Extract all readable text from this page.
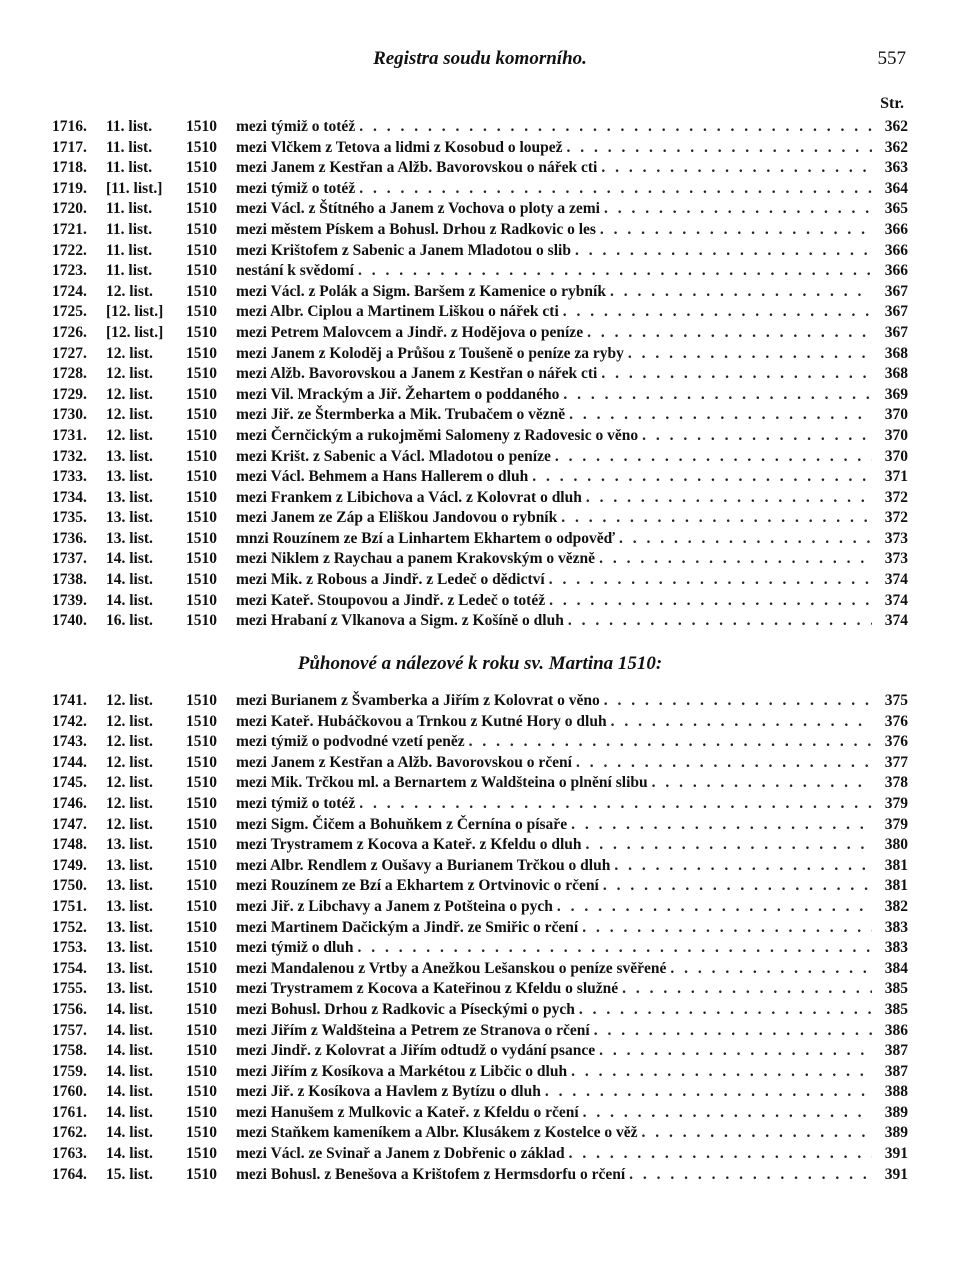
Registra soudu komorního.	557
Str.
1716.	11. list.	1510	mezi týmiž o totéž . . .	362
1717.	11. list.	1510	mezi Vlčkem z Tetova a lidmi z Kosobud o loupež . . .	362
1718.	11. list.	1510	mezi Janem z Kestřan a Alžb. Bavorovskou o nářek cti . . .	363
1719.	[11. list.]	1510	mezi týmiž o totéž . . .	364
1720.	11. list.	1510	mezi Václ. z Štítného a Janem z Vochova o ploty a zemi . . .	365
1721.	11. list.	1510	mezi městem Pískem a Bohusl. Drhou z Radkovic o les . . .	366
1722.	11. list.	1510	mezi Krištofem z Sabenic a Janem Mladotou o slib . . .	366
1723.	11. list.	1510	nestání k svědomí . . .	366
1724.	12. list.	1510	mezi Václ. z Polák a Sigm. Baršem z Kamenice o rybník . . .	367
1725.	[12. list.]	1510	mezi Albr. Ciplou a Martinem Liškou o nářek cti . . .	367
1726.	[12. list.]	1510	mezi Petrem Malovcem a Jindř. z Hodějova o peníze . . .	367
1727.	12. list.	1510	mezi Janem z Koloděj a Průšou z Toušeně o peníze za ryby . . .	368
1728.	12. list.	1510	mezi Alžb. Bavorovskou a Janem z Kestřan o nářek cti . . .	368
1729.	12. list.	1510	mezi Vil. Mrackým a Jiř. Žehartem o poddaného . . .	369
1730.	12. list.	1510	mezi Jiř. ze Štermberka a Mik. Trubačem o vězně . . .	370
1731.	12. list.	1510	mezi Černčickým a rukojměmi Salomeny z Radovesic o věno . . .	370
1732.	13. list.	1510	mezi Krišt. z Sabenic a Václ. Mladotou o peníze . . .	370
1733.	13. list.	1510	mezi Václ. Behmem a Hans Hallerem o dluh . . .	371
1734.	13. list.	1510	mezi Frankem z Libichova a Václ. z Kolovrat o dluh . . .	372
1735.	13. list.	1510	mezi Janem ze Záp a Eliškou Jandovou o rybník . . .	372
1736.	13. list.	1510	mnzi Rouzínem ze Bzí a Linhartem Ekhartem o odpověď . . .	373
1737.	14. list.	1510	mezi Niklem z Raychau a panem Krakovským o vězně . . .	373
1738.	14. list.	1510	mezi Mik. z Robous a Jindř. z Ledeč o dědictví . . .	374
1739.	14. list.	1510	mezi Kateř. Stoupovou a Jindř. z Ledeč o totéž . . .	374
1740.	16. list.	1510	mezi Hrabaní z Vlkanova a Sigm. z Košíně o dluh . . .	374
Půhonové a nálezové k roku sv. Martina 1510:
1741.	12. list.	1510	mezi Burianem z Švamberka a Jiřím z Kolovrat o věno . . .	375
1742.	12. list.	1510	mezi Kateř. Hubáčkovou a Trnkou z Kutné Hory o dluh . . .	376
1743.	12. list.	1510	mezi týmiž o podvodné vzetí peněz . . .	376
1744.	12. list.	1510	mezi Janem z Kestřan a Alžb. Bavorovskou o rčení . . .	377
1745.	12. list.	1510	mezi Mik. Trčkou ml. a Bernartem z Waldšteina o plnění slibu . . .	378
1746.	12. list.	1510	mezi týmiž o totéž . . .	379
1747.	12. list.	1510	mezi Sigm. Čičem a Bohuňkem z Černína o písaře . . .	379
1748.	13. list.	1510	mezi Trystramem z Kocova a Kateř. z Kfeldu o dluh . . .	380
1749.	13. list.	1510	mezi Albr. Rendlem z Oušavy a Burianem Trčkou o dluh . . .	381
1750.	13. list.	1510	mezi Rouzínem ze Bzí a Ekhartem z Ortvinovic o rčení . . .	381
1751.	13. list.	1510	mezi Jiř. z Libchavy a Janem z Potšteina o pych . . .	382
1752.	13. list.	1510	mezi Martinem Dačickým a Jindř. ze Smiřic o rčení . . .	383
1753.	13. list.	1510	mezi týmiž o dluh . . .	383
1754.	13. list.	1510	mezi Mandalenou z Vrtby a Anežkou Lešanskou o peníze svěřené . . .	384
1755.	13. list.	1510	mezi Trystramem z Kocova a Kateřinou z Kfeldu o služné . . .	385
1756.	14. list.	1510	mezi Bohusl. Drhou z Radkovic a Píseckými o pych . . .	385
1757.	14. list.	1510	mezi Jiřím z Waldšteina a Petrem ze Stranova o rčení . . .	386
1758.	14. list.	1510	mezi Jindř. z Kolovrat a Jiřím odtudž o vydání psance . . .	387
1759.	14. list.	1510	mezi Jiřím z Kosíkova a Markétou z Libčic o dluh . . .	387
1760.	14. list.	1510	mezi Jiř. z Kosíkova a Havlem z Bytízu o dluh . . .	388
1761.	14. list.	1510	mezi Hanušem z Mulkovic a Kateř. z Kfeldu o rčení . . .	389
1762.	14. list.	1510	mezi Staňkem kameníkem a Albr. Klusákem z Kostelce o věž . . .	389
1763.	14. list.	1510	mezi Václ. ze Svinař a Janem z Dobřenic o základ . . .	391
1764.	15. list.	1510	mezi Bohusl. z Benešova a Krištofem z Hermsdorfu o rčení . . .	391
